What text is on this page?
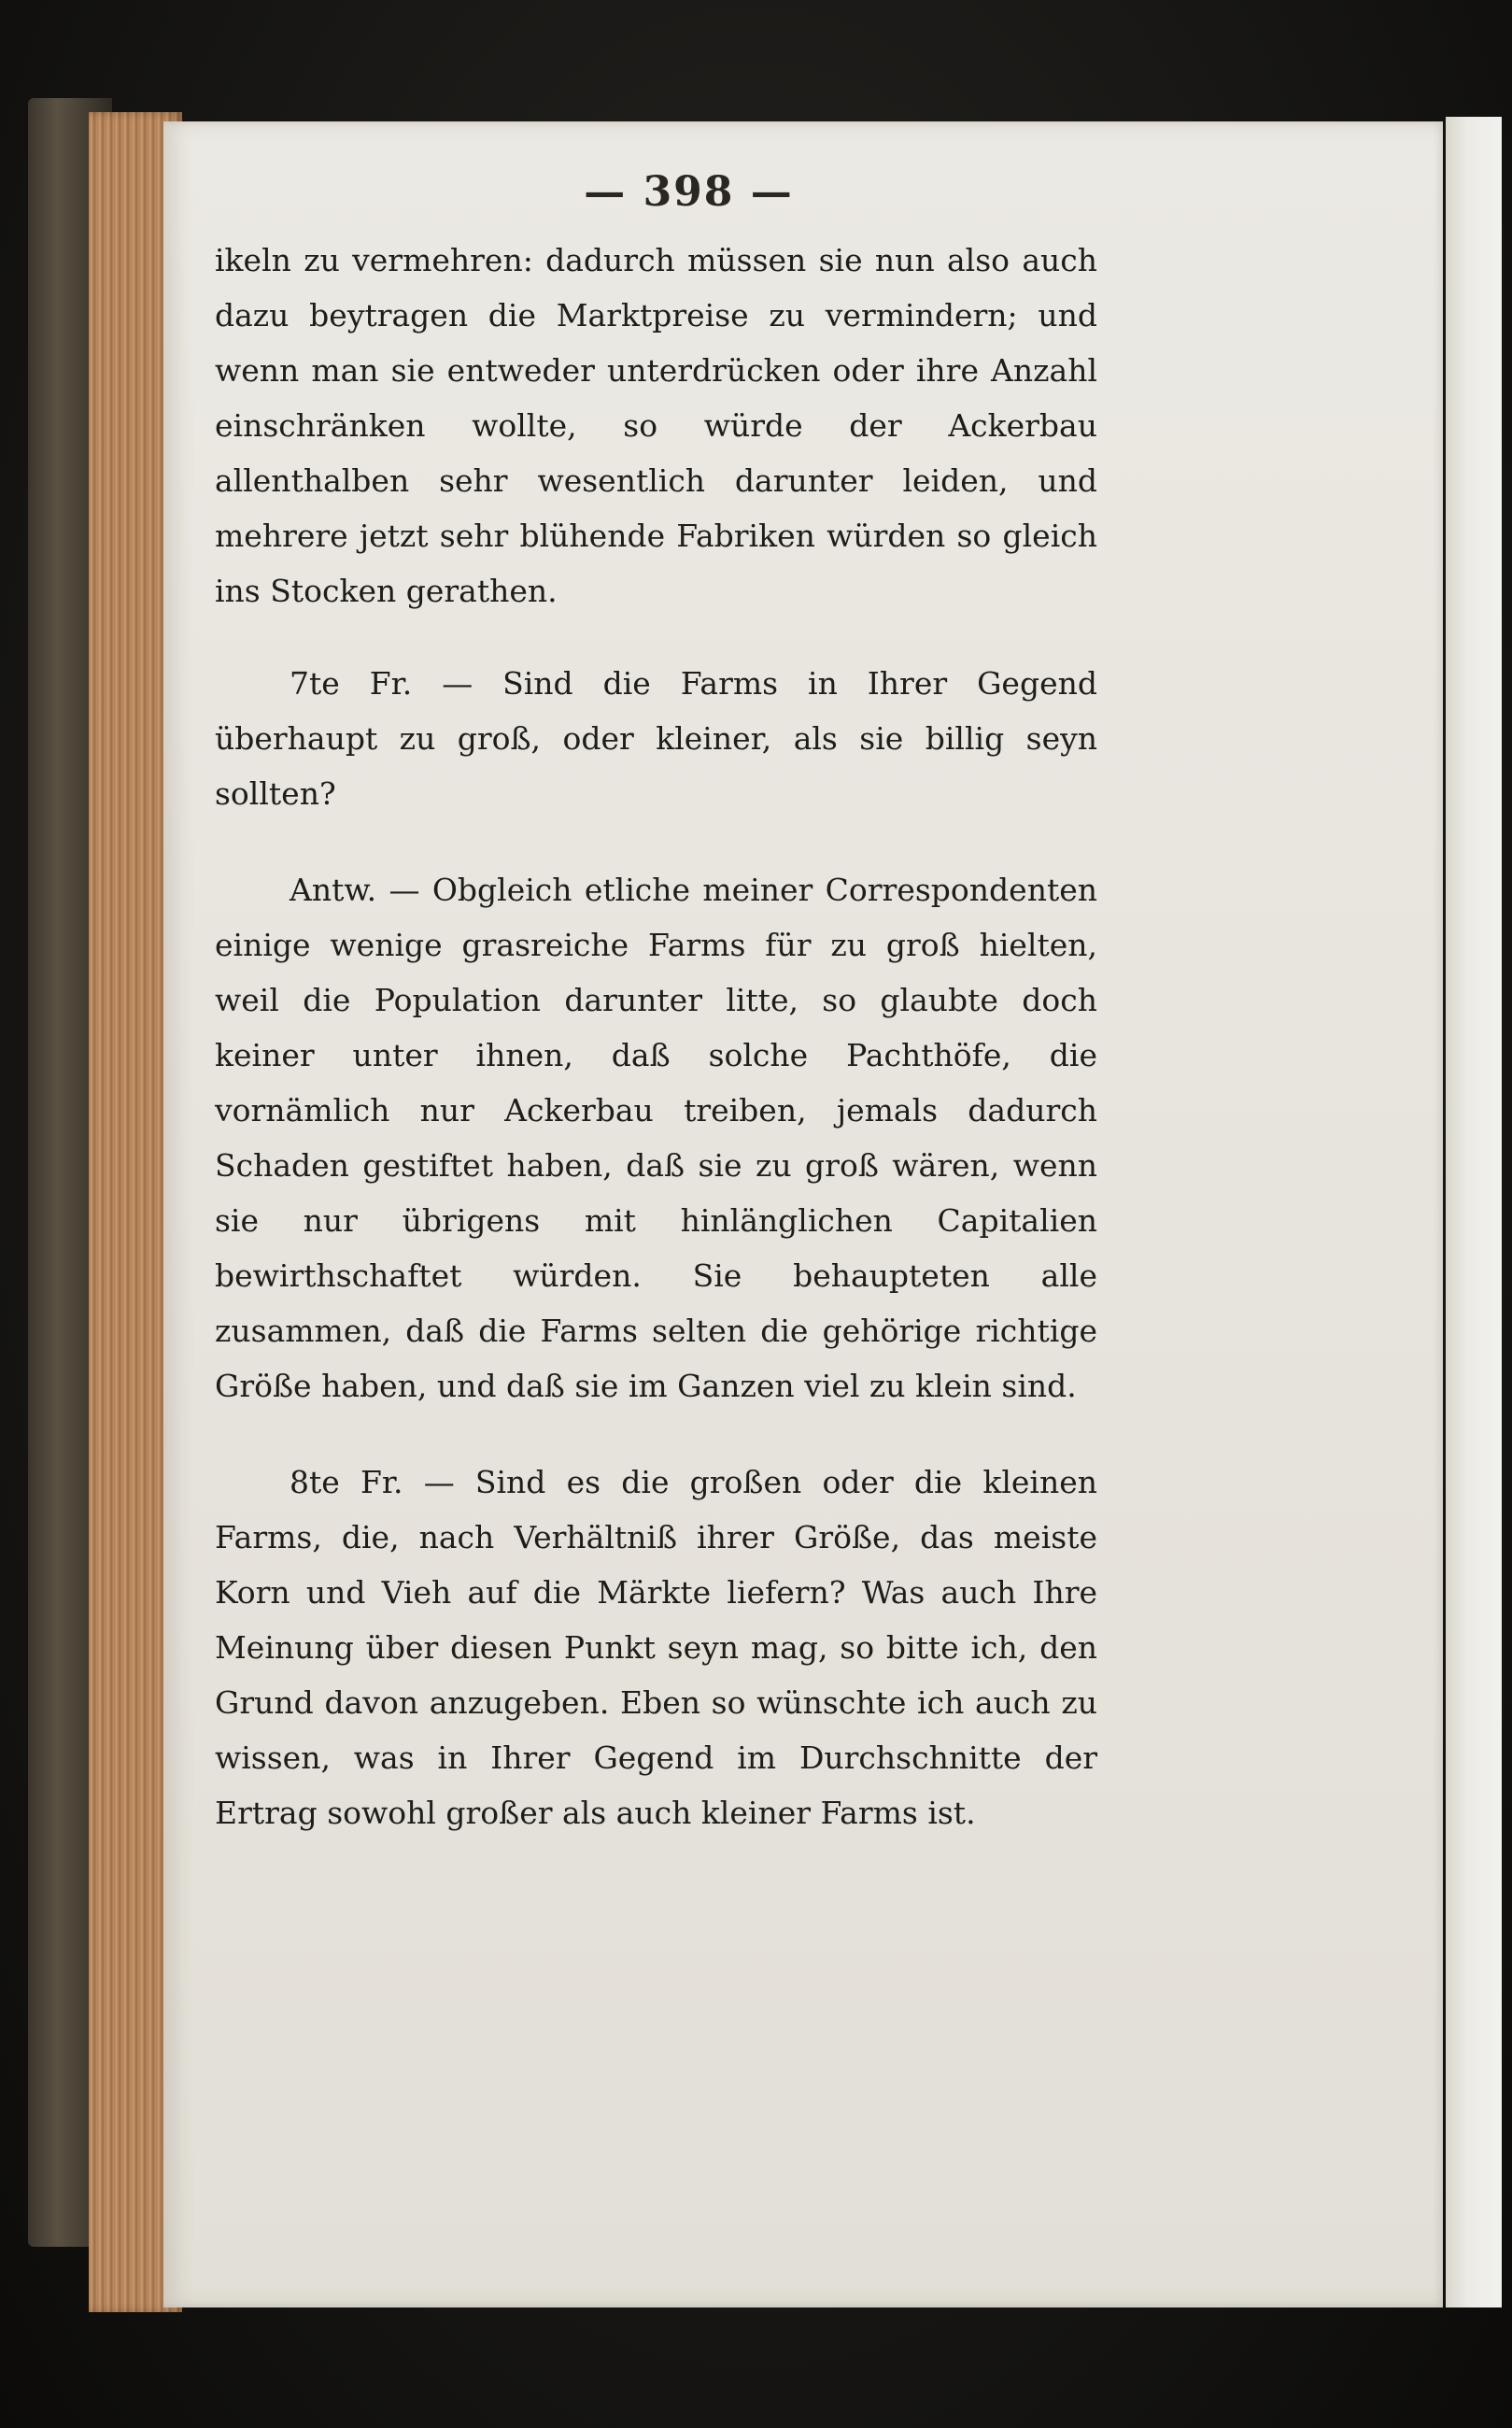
— 398 —

ikeln zu vermehren: dadurch müssen sie nun also auch dazu beytragen die Marktpreise zu vermindern; und wenn man sie entweder unterdrücken oder ihre Anzahl einschränken wollte, so würde der Ackerbau allenthalben sehr wesentlich darunter leiden, und mehrere jetzt sehr blühende Fabriken würden so gleich ins Stocken gerathen.

7te Fr. — Sind die Farms in Ihrer Gegend überhaupt zu groß, oder kleiner, als sie billig seyn sollten?

Antw. — Obgleich etliche meiner Correspondenten einige wenige grasreiche Farms für zu groß hielten, weil die Population darunter litte, so glaubte doch keiner unter ihnen, daß solche Pachthöfe, die vornämlich nur Ackerbau treiben, jemals dadurch Schaden gestiftet haben, daß sie zu groß wären, wenn sie nur übrigens mit hinlänglichen Capitalien bewirthschaftet würden. Sie behaupteten alle zusammen, daß die Farms selten die gehörige richtige Größe haben, und daß sie im Ganzen viel zu klein sind.

8te Fr. — Sind es die großen oder die kleinen Farms, die, nach Verhältniß ihrer Größe, das meiste Korn und Vieh auf die Märkte liefern? Was auch Ihre Meinung über diesen Punkt seyn mag, so bitte ich, den Grund davon anzugeben. Eben so wünschte ich auch zu wissen, was in Ihrer Gegend im Durchschnitte der Ertrag sowohl großer als auch kleiner Farms ist.
